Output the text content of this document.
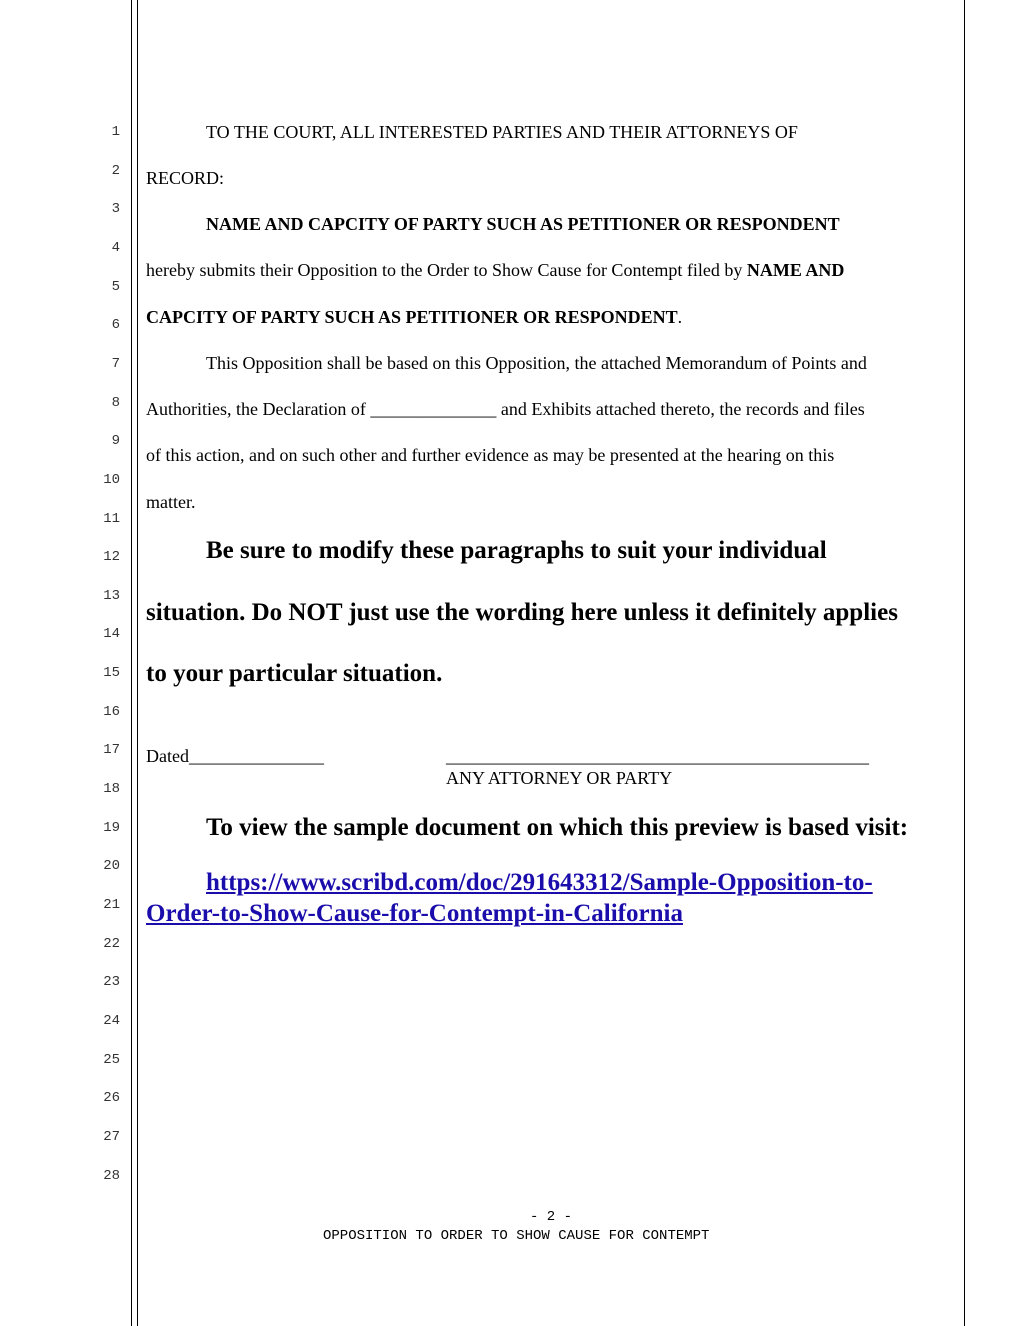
1
2
3
4
5
6
7
8
9
10
11
12
13
14
15
16
17
18
19
20
21
22
23
24
25
26
27
28
TO THE COURT, ALL INTERESTED PARTIES AND THEIR ATTORNEYS OF
RECORD:
NAME AND CAPCITY OF PARTY SUCH AS PETITIONER OR RESPONDENT
hereby submits their Opposition to the Order to Show Cause for Contempt filed by NAME AND
CAPCITY OF PARTY SUCH AS PETITIONER OR RESPONDENT.
This Opposition shall be based on this Opposition, the attached Memorandum of Points and
Authorities, the Declaration of ______________ and Exhibits attached thereto, the records and files
of this action, and on such other and further evidence as may be presented at the hearing on this
matter.
Be sure to modify these paragraphs to suit your individual
situation. Do NOT just use the wording here unless it definitely applies
to your particular situation.
Dated_______________	_______________________________________________
ANY ATTORNEY OR PARTY
To view the sample document on which this preview is based visit:
https://www.scribd.com/doc/291643312/Sample-Opposition-to-
Order-to-Show-Cause-for-Contempt-in-California
- 2 -
OPPOSITION TO ORDER TO SHOW CAUSE FOR CONTEMPT
